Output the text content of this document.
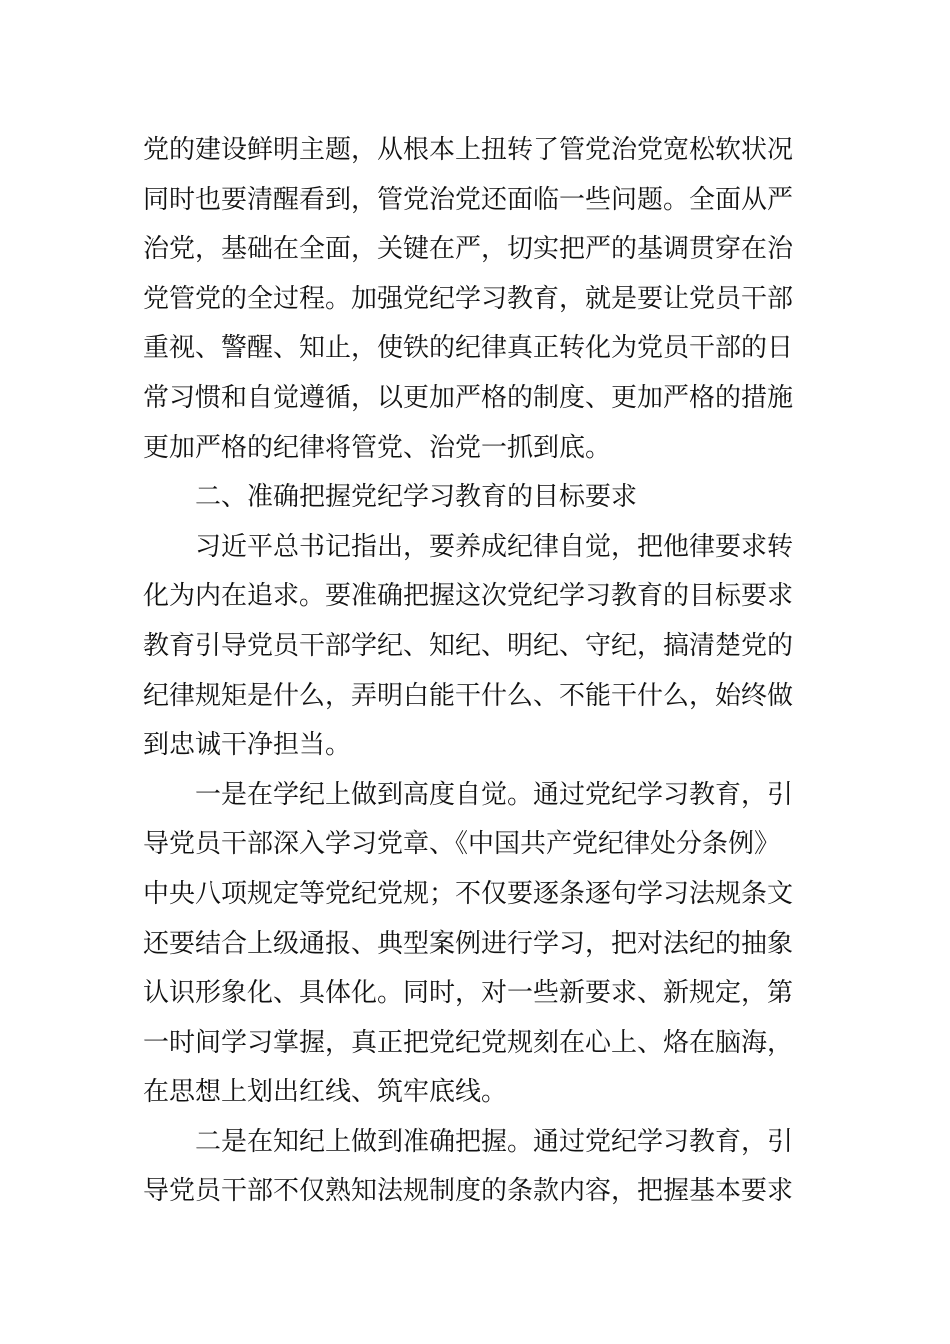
党的建设鲜明主题，从根本上扭转了管党治党宽松软状况
同时也要清醒看到，管党治党还面临一些问题。全面从严
治党，基础在全面，关键在严，切实把严的基调贯穿在治
党管党的全过程。加强党纪学习教育，就是要让党员干部
重视、警醒、知止，使铁的纪律真正转化为党员干部的日
常习惯和自觉遵循，以更加严格的制度、更加严格的措施
更加严格的纪律将管党、治党一抓到底。
二、准确把握党纪学习教育的目标要求
习近平总书记指出，要养成纪律自觉，把他律要求转
化为内在追求。要准确把握这次党纪学习教育的目标要求
教育引导党员干部学纪、知纪、明纪、守纪，搞清楚党的
纪律规矩是什么，弄明白能干什么、不能干什么，始终做
到忠诚干净担当。
一是在学纪上做到高度自觉。通过党纪学习教育，引
导党员干部深入学习党章、《中国共产党纪律处分条例》
中央八项规定等党纪党规；不仅要逐条逐句学习法规条文
还要结合上级通报、典型案例进行学习，把对法纪的抽象
认识形象化、具体化。同时，对一些新要求、新规定，第
一时间学习掌握，真正把党纪党规刻在心上、烙在脑海，
在思想上划出红线、筑牢底线。
二是在知纪上做到准确把握。通过党纪学习教育，引
导党员干部不仅熟知法规制度的条款内容，把握基本要求
